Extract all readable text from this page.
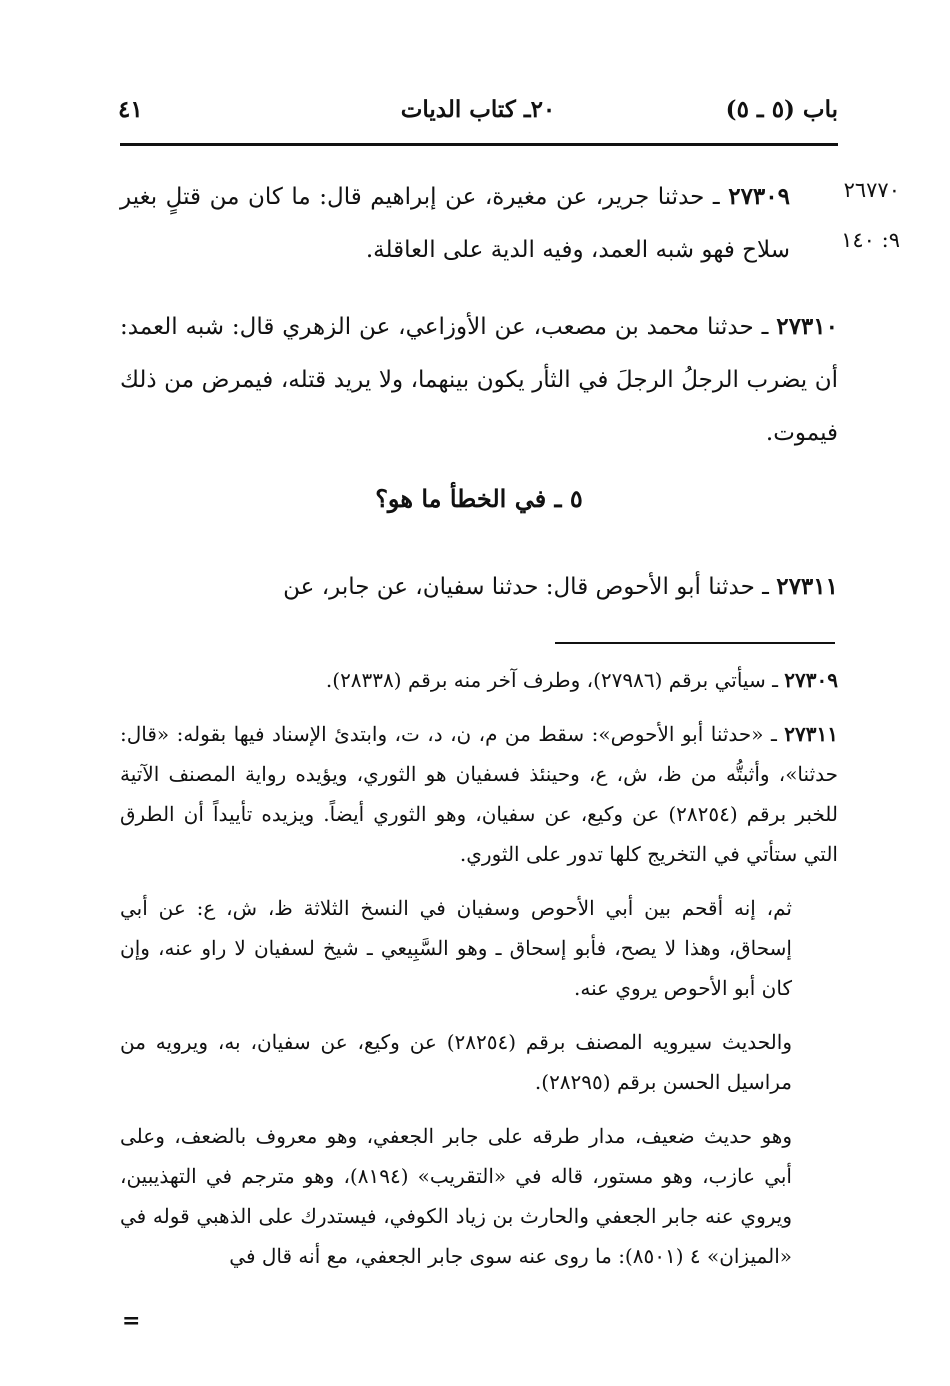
باب (٥ ـ ٥)
٢٠ـ كتاب الديات
٤١
٢٦٧٧٠
٩: ١٤٠
٢٧٣٠٩ ـ حدثنا جرير، عن مغيرة، عن إبراهيم قال: ما كان من قتلٍ بغير سلاح فهو شبه العمد، وفيه الدية على العاقلة.
٢٧٣١٠ ـ حدثنا محمد بن مصعب، عن الأوزاعي، عن الزهري قال: شبه العمد: أن يضرب الرجلُ الرجلَ في الثأر يكون بينهما، ولا يريد قتله، فيمرض من ذلك فيموت.
٥ ـ في الخطأ ما هو؟
٢٧٣١١ ـ حدثنا أبو الأحوص قال: حدثنا سفيان، عن جابر، عن

٢٧٣٠٩ ـ سيأتي برقم (٢٧٩٨٦)، وطرف آخر منه برقم (٢٨٣٣٨).

٢٧٣١١ ـ «حدثنا أبو الأحوص»: سقط من م، ن، د، ت، وابتدئ الإسناد فيها بقوله: «قال: حدثنا»، وأثبتُّه من ظ، ش، ع، وحينئذ فسفيان هو الثوري، ويؤيده رواية المصنف الآتية للخبر برقم (٢٨٢٥٤) عن وكيع، عن سفيان، وهو الثوري أيضاً. ويزيده تأييداً أن الطرق التي ستأتي في التخريج كلها تدور على الثوري.

ثم، إنه أقحم بين أبي الأحوص وسفيان في النسخ الثلاثة ظ، ش، ع: عن أبي إسحاق، وهذا لا يصح، فأبو إسحاق ـ وهو السَّبِيعي ـ شيخ لسفيان لا راو عنه، وإن كان أبو الأحوص يروي عنه.

والحديث سيرويه المصنف برقم (٢٨٢٥٤) عن وكيع، عن سفيان، به، ويرويه من مراسيل الحسن برقم (٢٨٢٩٥).

وهو حديث ضعيف، مدار طرقه على جابر الجعفي، وهو معروف بالضعف، وعلى أبي عازب، وهو مستور، قاله في «التقريب» (٨١٩٤)، وهو مترجم في التهذيبين، ويروي عنه جابر الجعفي والحارث بن زياد الكوفي، فيستدرك على الذهبي قوله في «الميزان» ٤ (٨٥٠١): ما روى عنه سوى جابر الجعفي، مع أنه قال في

=
